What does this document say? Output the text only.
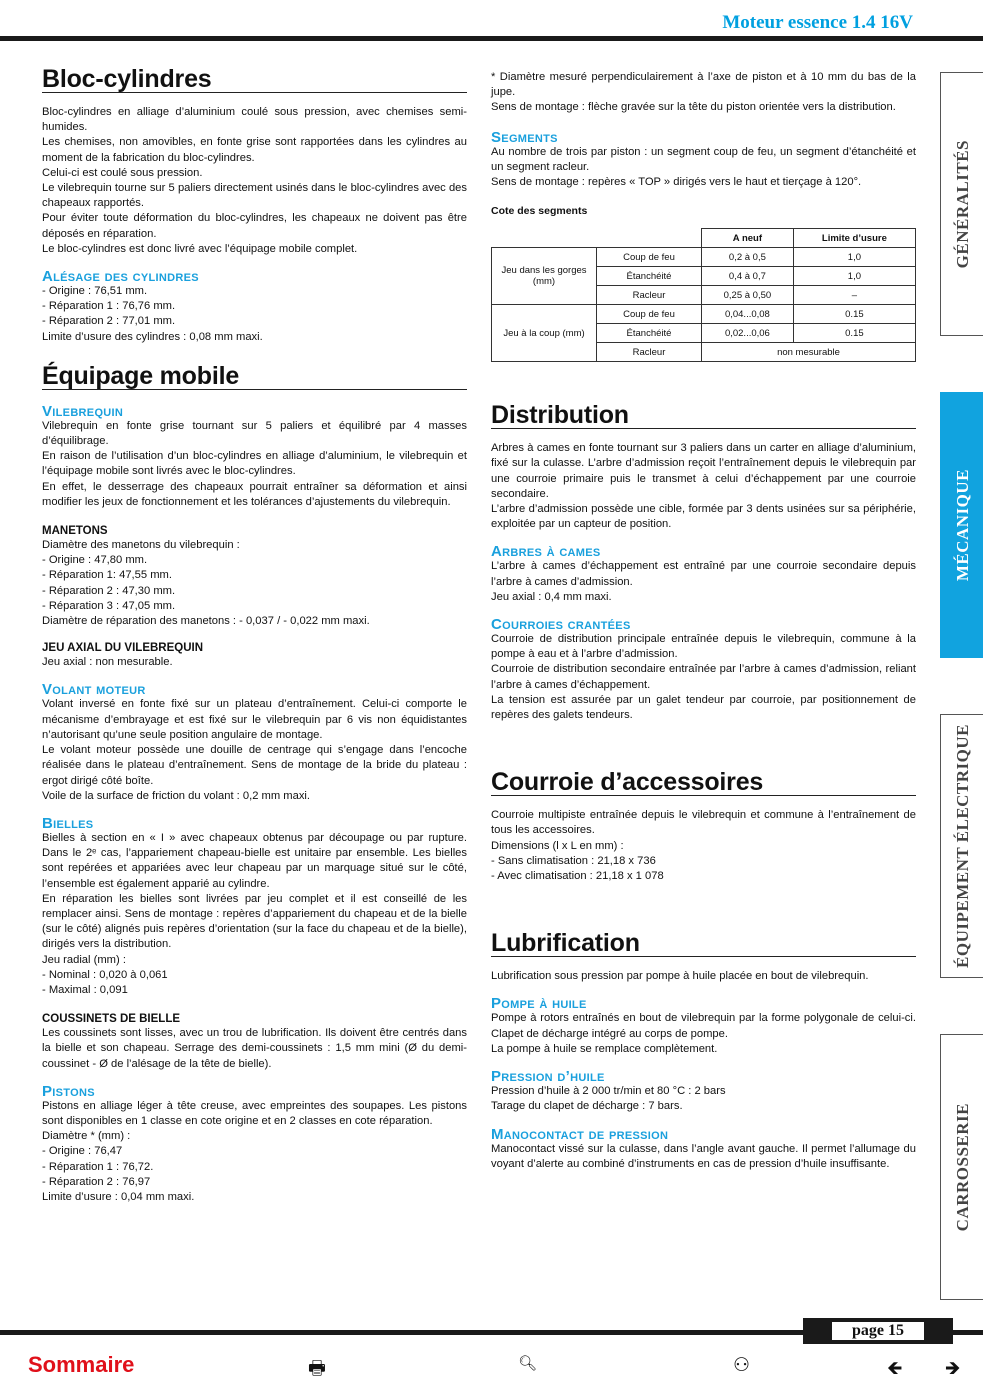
Moteur essence 1.4 16V
Bloc-cylindres

Bloc-cylindres en alliage d’aluminium coulé sous pression, avec chemises semi-humides.

Les chemises, non amovibles, en fonte grise sont rapportées dans les cylindres au moment de la fabrication du bloc-cylindres.

Celui-ci est coulé sous pression.

Le vilebrequin tourne sur 5 paliers directement usinés dans le bloc-cylindres avec des chapeaux rapportés.

Pour éviter toute déformation du bloc-cylindres, les chapeaux ne doivent pas être déposés en réparation.

Le bloc-cylindres est donc livré avec l’équipage mobile complet.

Alésage des cylindres

- Origine : 76,51 mm.

- Réparation 1 : 76,76 mm.

- Réparation 2 : 77,01 mm.

Limite d’usure des cylindres : 0,08 mm maxi.

Équipage mobile
Vilebrequin

Vilebrequin en fonte grise tournant sur 5 paliers et équilibré par 4 masses d’équilibrage.

En raison de l’utilisation d’un bloc-cylindres en alliage d’aluminium, le vilebrequin et l’équipage mobile sont livrés avec le bloc-cylindres.

En effet, le desserrage des chapeaux pourrait entraîner sa déformation et ainsi modifier les jeux de fonctionnement et les tolérances d’ajustements du vilebrequin.

MANETONS

Diamètre des manetons du vilebrequin :

- Origine : 47,80 mm.

- Réparation 1: 47,55 mm.

- Réparation 2 : 47,30 mm.

- Réparation 3 : 47,05 mm.

Diamètre de réparation des manetons : - 0,037 / - 0,022 mm maxi.

JEU AXIAL DU VILEBREQUIN

Jeu axial : non mesurable.

Volant moteur

Volant inversé en fonte fixé sur un plateau d’entraînement. Celui-ci comporte le mécanisme d’embrayage et est fixé sur le vilebrequin par 6 vis non équidistantes n’autorisant qu’une seule position angulaire de montage.

Le volant moteur possède une douille de centrage qui s’engage dans l’encoche réalisée dans le plateau d’entraînement. Sens de montage de la bride du plateau : ergot dirigé côté boîte.

Voile de la surface de friction du volant : 0,2 mm maxi.

Bielles

Bielles à section en « I » avec chapeaux obtenus par découpage ou par rupture. Dans le 2ᵉ cas, l’appariement chapeau-bielle est unitaire par ensemble. Les bielles sont repérées et appariées avec leur chapeau par un marquage situé sur le côté, l’ensemble est également apparié au cylindre.

En réparation les bielles sont livrées par jeu complet et il est conseillé de les remplacer ainsi. Sens de montage : repères d’appariement du chapeau et de la bielle (sur le côté) alignés puis repères d’orientation (sur la face du chapeau et de la bielle), dirigés vers la distribution.

Jeu radial (mm) :

- Nominal : 0,020 à 0,061

- Maximal : 0,091

COUSSINETS DE BIELLE

Les coussinets sont lisses, avec un trou de lubrification. Ils doivent être centrés dans la bielle et son chapeau. Serrage des demi-coussinets : 1,5 mm mini (Ø du demi-coussinet - Ø de l’alésage de la tête de bielle).

Pistons

Pistons en alliage léger à tête creuse, avec empreintes des soupapes. Les pistons sont disponibles en 1 classe en cote origine et en 2 classes en cote réparation.

Diamètre * (mm) :

- Origine : 76,47

- Réparation 1 : 76,72.

- Réparation 2 : 76,97

Limite d’usure : 0,04 mm maxi.

* Diamètre mesuré perpendiculairement à l’axe de piston et à 10 mm du bas de la jupe.

Sens de montage : flèche gravée sur la tête du piston orientée vers la distribution.

Segments

Au nombre de trois par piston : un segment coup de feu, un segment d’étanchéité et un segment racleur.

Sens de montage : repères « TOP » dirigés vers le haut et tierçage à 120°.

Cote des segments
		A neuf	Limite d’usure
Jeu dans les gorges (mm)	Coup de feu	0,2 à 0,5	1,0
	Étanchéité	0,4 à 0,7	1,0
	Racleur	0,25 à 0,50	–
Jeu à la coup (mm)	Coup de feu	0,04...0,08	0.15
	Étanchéité	0,02...0,06	0.15
	Racleur	non mesurable	
Distribution

Arbres à cames en fonte tournant sur 3 paliers dans un carter en alliage d’aluminium, fixé sur la culasse. L’arbre d’admission reçoit l’entraînement depuis le vilebrequin par une courroie primaire puis le transmet à celui d’échappement par une courroie secondaire.

L’arbre d’admission possède une cible, formée par 3 dents usinées sur sa périphérie, exploitée par un capteur de position.

Arbres à cames

L’arbre à cames d’échappement est entraîné par une courroie secondaire depuis l’arbre à cames d’admission.

Jeu axial : 0,4 mm maxi.

Courroies crantées

Courroie de distribution principale entraînée depuis le vilebrequin, commune à la pompe à eau et à l’arbre d’admission.

Courroie de distribution secondaire entraînée par l’arbre à cames d’admission, reliant l’arbre à cames d’échappement.

La tension est assurée par un galet tendeur par courroie, par positionnement de repères des galets tendeurs.

Courroie d’accessoires

Courroie multipiste entraînée depuis le vilebrequin et commune à l’entraînement de tous les accessoires.

Dimensions (l x L en mm) :

- Sans climatisation : 21,18 x 736

- Avec climatisation : 21,18 x 1 078

Lubrification

Lubrification sous pression par pompe à huile placée en bout de vilebrequin.

Pompe à huile

Pompe à rotors entraînés en bout de vilebrequin par la forme polygonale de celui-ci. Clapet de décharge intégré au corps de pompe.

La pompe à huile se remplace complètement.

Pression d’huile

Pression d’huile à 2 000 tr/min et 80 °C : 2 bars

Tarage du clapet de décharge : 7 bars.

Manocontact de pression

Manocontact vissé sur la culasse, dans l’angle avant gauche. Il permet l’allumage du voyant d’alerte au combiné d’instruments en cas de pression d’huile insuffisante.

GÉNÉRALITÉS
MÉCANIQUE
ÉQUIPEMENT ÉLECTRIQUE
CARROSSERIE
page 15
Sommaire	🖶	🔍︎	⚇	🡸 🡺
